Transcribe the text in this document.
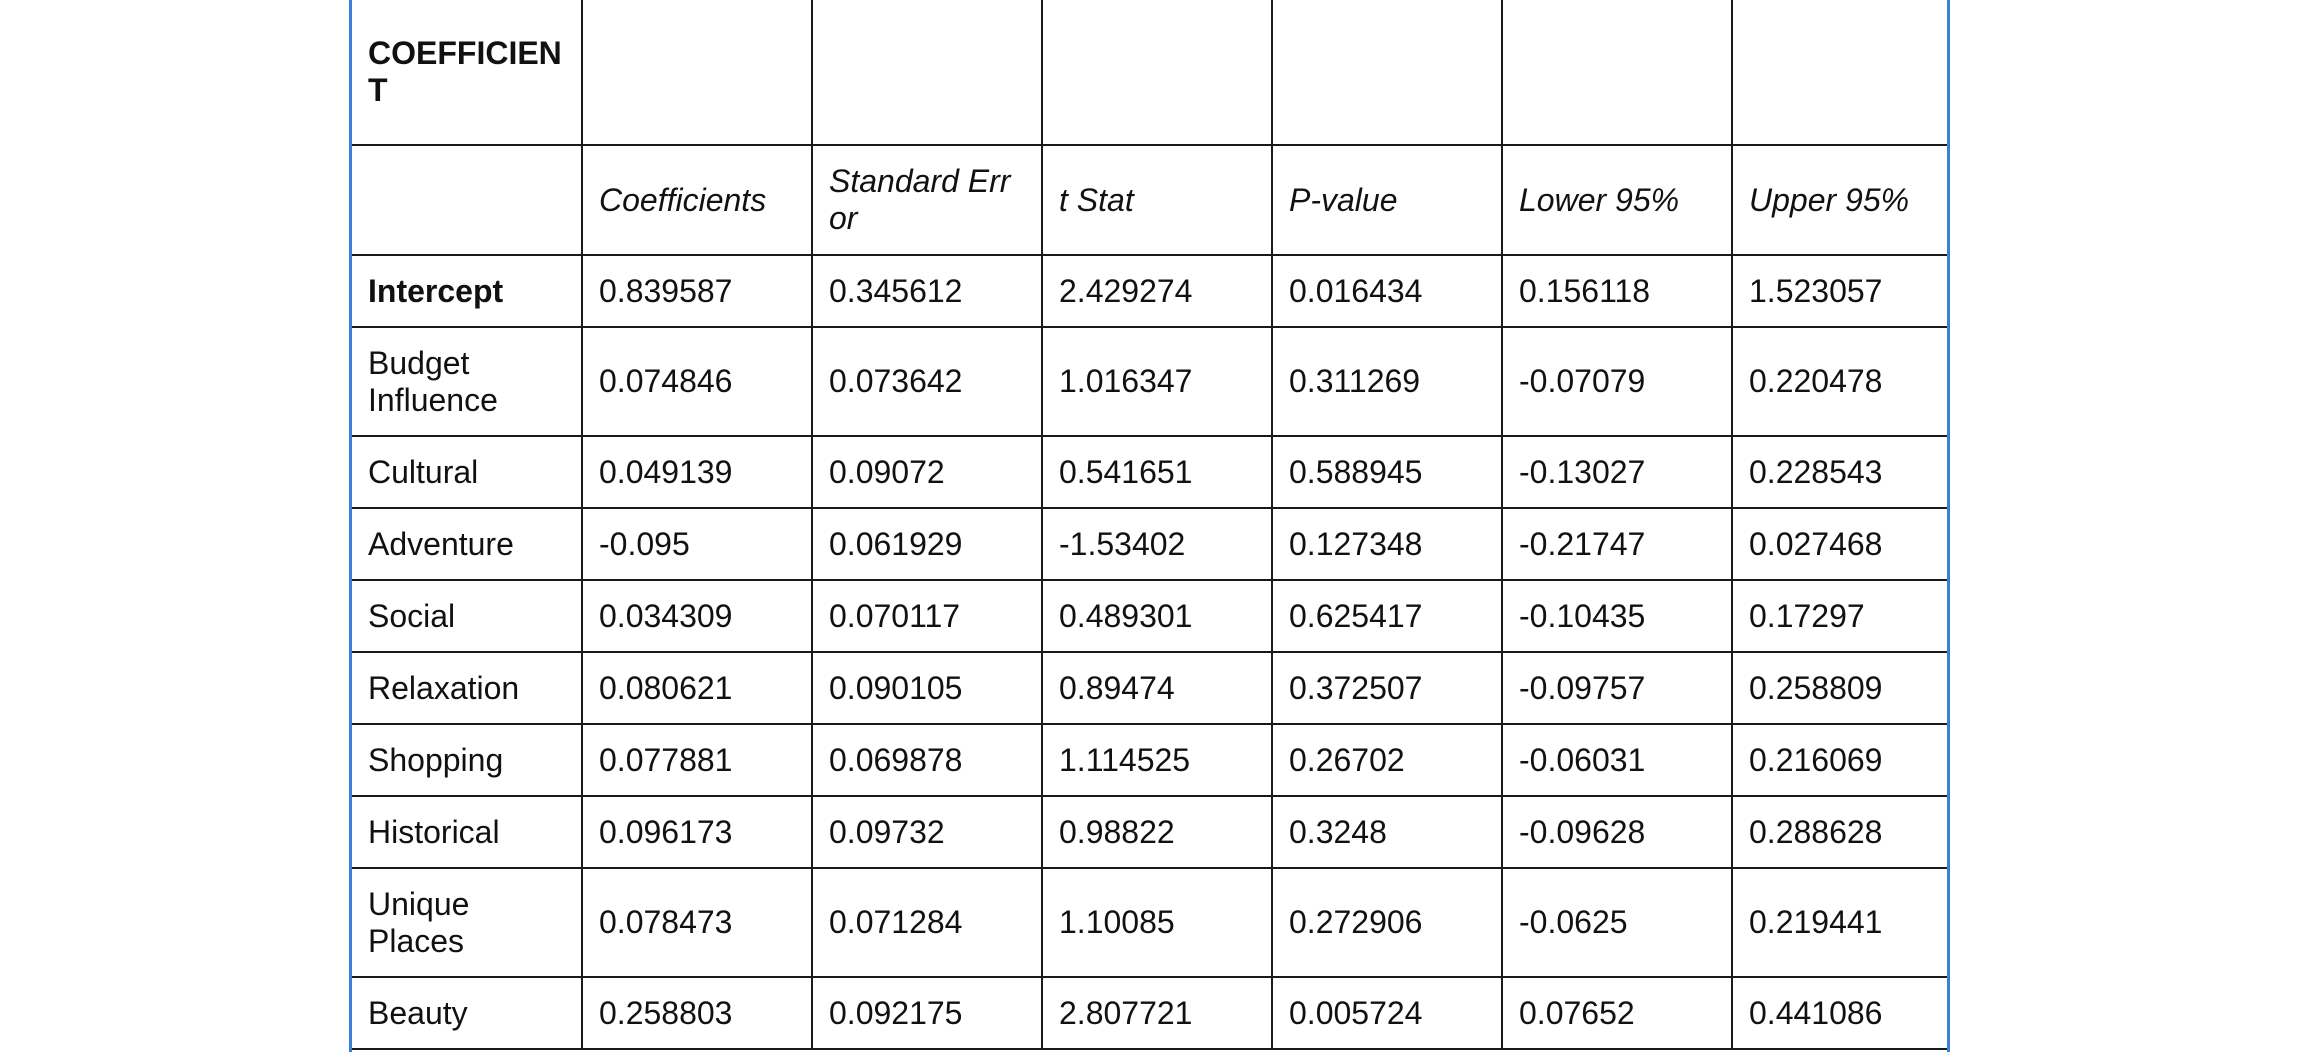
COEFFICIENT						
	Coefficients	Standard Error	t Stat	P-value	Lower 95%	Upper 95%
Intercept	0.839587	0.345612	2.429274	0.016434	0.156118	1.523057
Budget Influence	0.074846	0.073642	1.016347	0.311269	-0.07079	0.220478
Cultural	0.049139	0.09072	0.541651	0.588945	-0.13027	0.228543
Adventure	-0.095	0.061929	-1.53402	0.127348	-0.21747	0.027468
Social	0.034309	0.070117	0.489301	0.625417	-0.10435	0.17297
Relaxation	0.080621	0.090105	0.89474	0.372507	-0.09757	0.258809
Shopping	0.077881	0.069878	1.114525	0.26702	-0.06031	0.216069
Historical	0.096173	0.09732	0.98822	0.3248	-0.09628	0.288628
Unique Places	0.078473	0.071284	1.10085	0.272906	-0.0625	0.219441
Beauty	0.258803	0.092175	2.807721	0.005724	0.07652	0.441086
